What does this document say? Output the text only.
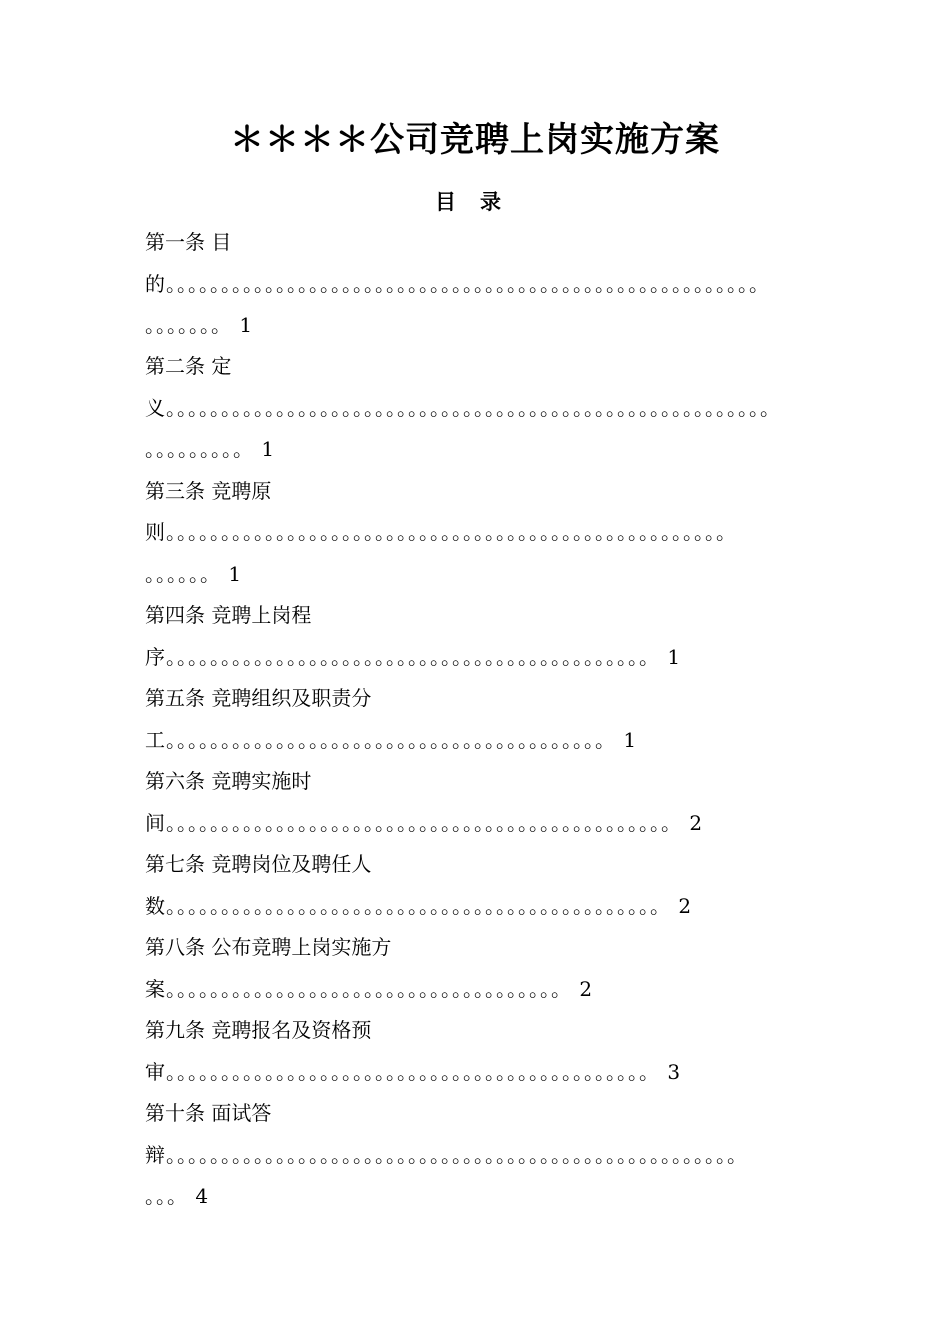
＊＊＊＊公司竞聘上岗实施方案
目录
第一条 目
的。。。。。。。。。。。。。。。。。。。。。。。。。。。。。。。。。。。。。。。。。。。。。。。。。。。。。。
。。。。。。。 1
第二条 定
义。。。。。。。。。。。。。。。。。。。。。。。。。。。。。。。。。。。。。。。。。。。。。。。。。。。。。。。
。。。。。。。。。 1
第三条 竞聘原
则。。。。。。。。。。。。。。。。。。。。。。。。。。。。。。。。。。。。。。。。。。。。。。。。。。。
。。。。。。 1
第四条 竞聘上岗程
序。。。。。。。。。。。。。。。。。。。。。。。。。。。。。。。。。。。。。。。。。。。。 1
第五条 竞聘组织及职责分
工。。。。。。。。。。。。。。。。。。。。。。。。。。。。。。。。。。。。。。。。 1
第六条 竞聘实施时
间。。。。。。。。。。。。。。。。。。。。。。。。。。。。。。。。。。。。。。。。。。。。。。 2
第七条 竞聘岗位及聘任人
数。。。。。。。。。。。。。。。。。。。。。。。。。。。。。。。。。。。。。。。。。。。。。 2
第八条 公布竞聘上岗实施方
案。。。。。。。。。。。。。。。。。。。。。。。。。。。。。。。。。。。。 2
第九条 竞聘报名及资格预
审。。。。。。。。。。。。。。。。。。。。。。。。。。。。。。。。。。。。。。。。。。。。 3
第十条 面试答
辩。。。。。。。。。。。。。。。。。。。。。。。。。。。。。。。。。。。。。。。。。。。。。。。。。。。。
。。。 4
